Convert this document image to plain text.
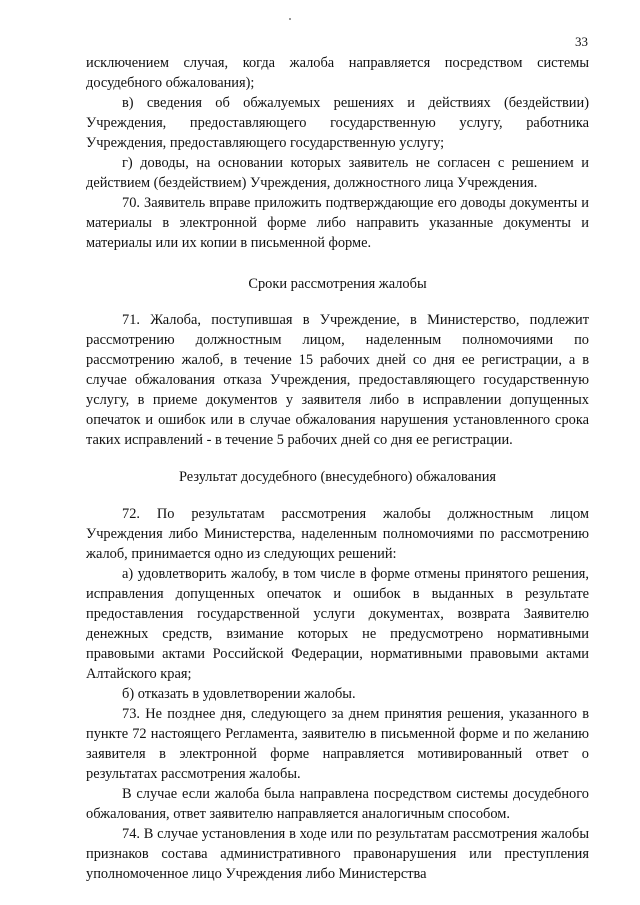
33

исключением случая, когда жалоба направляется посредством системы досудебного обжалования);

в) сведения об обжалуемых решениях и действиях (бездействии) Учреждения, предоставляющего государственную услугу, работника Учреждения, предоставляющего государственную услугу;

г) доводы, на основании которых заявитель не согласен с решением и действием (бездействием) Учреждения, должностного лица Учреждения.

70. Заявитель вправе приложить подтверждающие его доводы документы и материалы в электронной форме либо направить указанные документы и материалы или их копии в письменной форме.

Сроки рассмотрения жалобы

71. Жалоба, поступившая в Учреждение, в Министерство, подлежит рассмотрению должностным лицом, наделенным полномочиями по рассмотрению жалоб, в течение 15 рабочих дней со дня ее регистрации, а в случае обжалования отказа Учреждения, предоставляющего государственную услугу, в приеме документов у заявителя либо в исправлении допущенных опечаток и ошибок или в случае обжалования нарушения установленного срока таких исправлений - в течение 5 рабочих дней со дня ее регистрации.

Результат досудебного (внесудебного) обжалования

72. По результатам рассмотрения жалобы должностным лицом Учреждения либо Министерства, наделенным полномочиями по рассмотрению жалоб, принимается одно из следующих решений:

а) удовлетворить жалобу, в том числе в форме отмены принятого решения, исправления допущенных опечаток и ошибок в выданных в результате предоставления государственной услуги документах, возврата Заявителю денежных средств, взимание которых не предусмотрено нормативными правовыми актами Российской Федерации, нормативными правовыми актами Алтайского края;

б) отказать в удовлетворении жалобы.

73. Не позднее дня, следующего за днем принятия решения, указанного в пункте 72 настоящего Регламента, заявителю в письменной форме и по желанию заявителя в электронной форме направляется мотивированный ответ о результатах рассмотрения жалобы.

В случае если жалоба была направлена посредством системы досудебного обжалования, ответ заявителю направляется аналогичным способом.

74. В случае установления в ходе или по результатам рассмотрения жалобы признаков состава административного правонарушения или преступления уполномоченное лицо Учреждения либо Министерства
